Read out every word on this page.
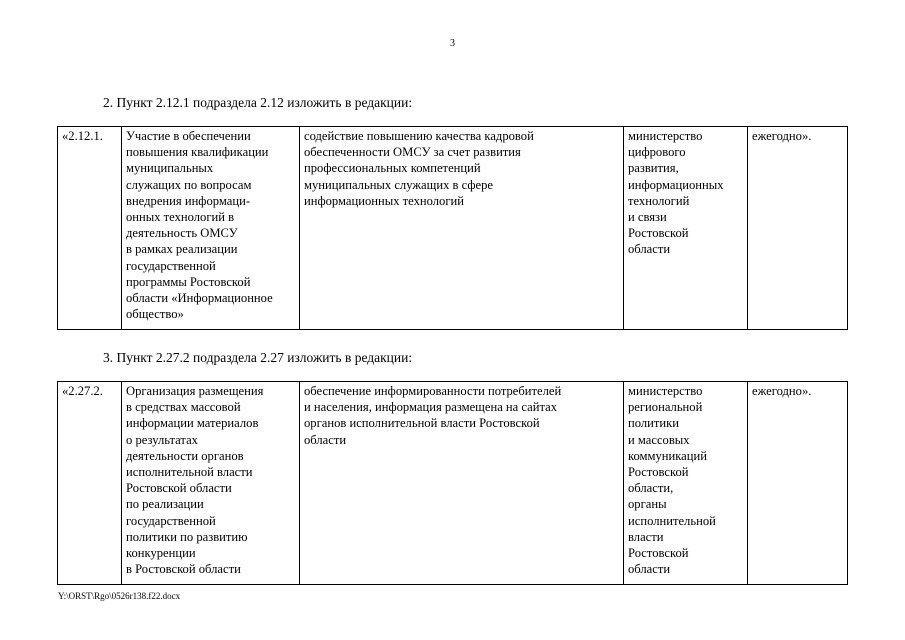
3
2. Пункт 2.12.1 подраздела 2.12 изложить в редакции:
«2.12.1.	Участие в обеспечении
повышения квалификации
муниципальных
служащих по вопросам
внедрения информаци-
онных технологий в
деятельность ОМСУ
в рамках реализации
государственной
программы Ростовской
области «Информационное
общество»	содействие повышению качества кадровой
обеспеченности ОМСУ за счет развития
профессиональных компетенций
муниципальных служащих в сфере
информационных технологий	министерство
цифрового
развития,
информационных
технологий
и связи
Ростовской
области	ежегодно».
3. Пункт 2.27.2 подраздела 2.27 изложить в редакции:
«2.27.2.	Организация размещения
в средствах массовой
информации материалов
о результатах
деятельности органов
исполнительной власти
Ростовской области
по реализации
государственной
политики по развитию
конкуренции
в Ростовской области	обеспечение информированности потребителей
и населения, информация размещена на сайтах
органов исполнительной власти Ростовской
области	министерство
региональной
политики
и массовых
коммуникаций
Ростовской
области,
органы
исполнительной
власти
Ростовской
области	ежегодно».
Y:\ORST\Rgo\0526r138.f22.docx
